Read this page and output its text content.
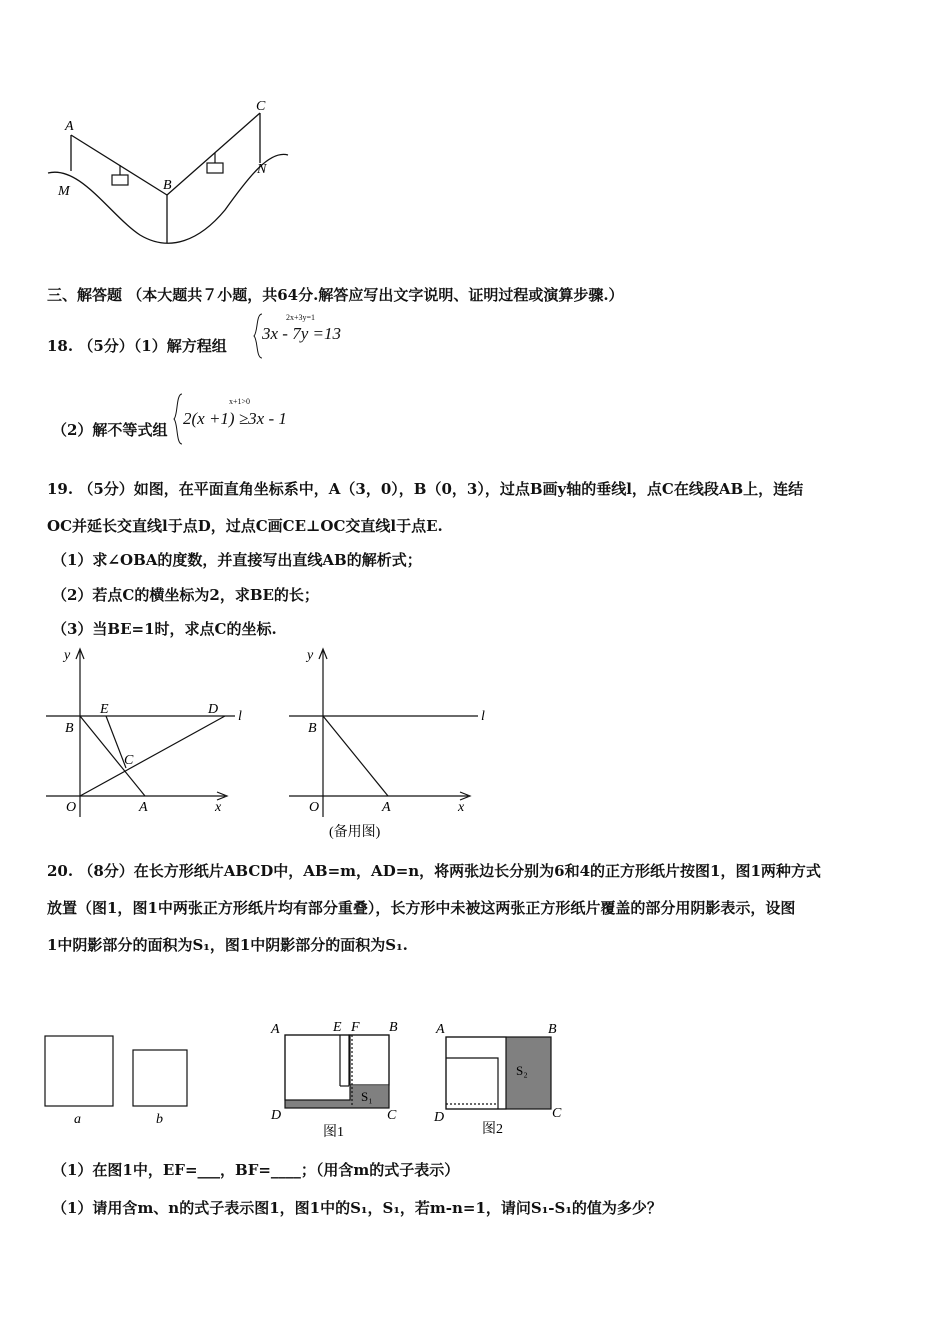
A
B
C
M
N
三、解答题 （本大题共７小题，共64分.解答应写出文字说明、证明过程或演算步骤.）
18. （5分）（1）解方程组
2x+3y=1
3x - 7y =13
（2）解不等式组
x+1>0
2(x +1) ≥3x - 1
19. （5分）如图，在平面直角坐标系中，A（3，0），B（0，3），过点B画y轴的垂线l，点C在线段AB上，连结
OC并延长交直线l于点D，过点C画CE⊥OC交直线l于点E.
（1）求∠OBA的度数，并直接写出直线AB的解析式；
（2）若点C的横坐标为2，求BE的长；
（3）当BE=1时，求点C的坐标.
y
x
O	A
B
C
D
E	l
y
x
O	A
B
l
(备用图)
20. （8分）在长方形纸片ABCD中，AB=m，AD=n，将两张边长分别为6和4的正方形纸片按图1，图1两种方式
放置（图1，图1中两张正方形纸片均有部分重叠），长方形中未被这两张正方形纸片覆盖的部分用阴影表示，设图
1中阴影部分的面积为S₁，图1中阴影部分的面积为S₁.
a	b
A	E F B
D	C
S₁
图1
A	B
D	C
S₂
图2
（1）在图1中，EF=___，BF=____；（用含m的式子表示）
（1）请用含m、n的式子表示图1，图1中的S₁，S₁，若m-n=1，请问S₁-S₁的值为多少？
